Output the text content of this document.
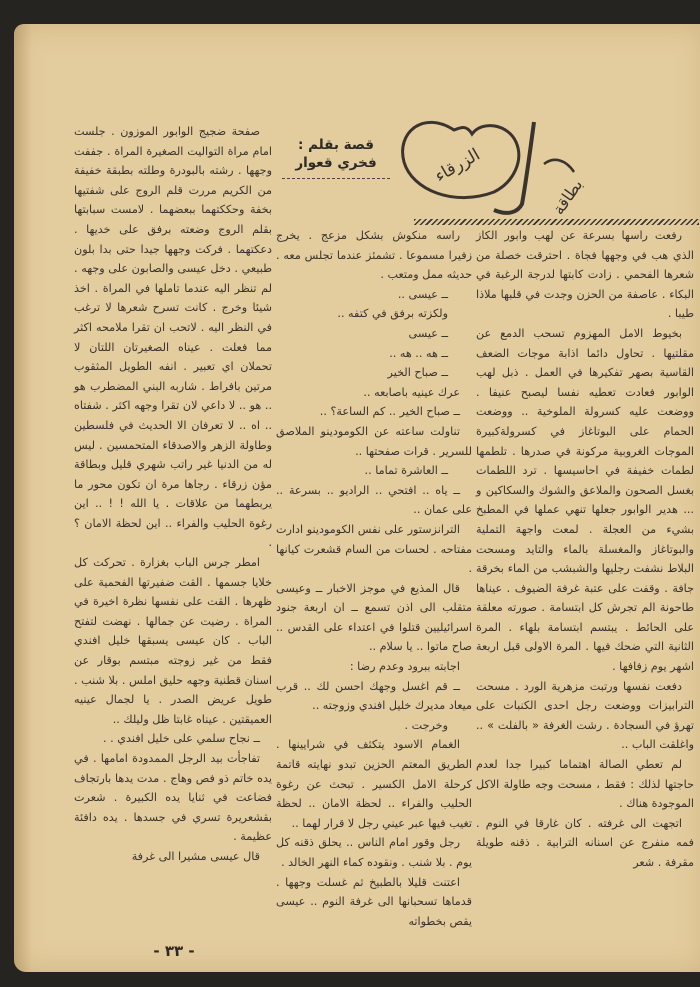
الزرقاء
بطاقة
قصة بقلم :
فخري قعوار

رفعت راسها بسرعة عن لهب وابور الكاز الذي هب في وجهها فجاة . احترقت خصلة من شعرها الفحمي . زادت كابتها لدرجة الرغبة في البكاء . عاصفة من الحزن وجدت في قلبها ملاذا طيبا .

بخيوط الامل المهزوم تسحب الدمع عن مقلتيها . تحاول دائما اذابة موجات الضعف القاسية بصهر تفكيرها في العمل . ذبل لهب الوابور فعادت تعطيه نفسا ليصبح عنيفا . ووضعت عليه كسرولة الملوخية .. ووضعت الحمام على البوتاغاز في كسرولةكبيرة الموجات الغروبية مركونة في صدرها . تلطمها لطمات خفيفة في احاسيسها . ترد اللطمات بغسل الصحون والملاعق والشوك والسكاكين و ... هدير الوابور جعلها تنهي عملها في المطبخ بشيء من العجلة . لمعت واجهة التملية والبوتاغاز والمغسلة بالماء والتايد ومسحت البلاط نشفت رجليها والشبشب من الماء بخرقة جافة . وقفت على عتبة غرفة الضيوف . عيناها طاحونة الم تجرش كل ابتسامة . صورته معلقة على الحائط . يبتسم ابتسامة بلهاء . المرة الثانية التي ضحك فيها . المرة الاولى قبل اربعة اشهر يوم زفافها .

دفعت نفسها ورتبت مزهرية الورد . مسحت الترابيزات ووضعت رجل احدى الكنبات على تهرؤ في السجادة . رشت الغرفة « بالفلت » .. واغلقت الباب ..

لم تعطي الصالة اهتماما كبيرا جدا لعدم حاجتها لذلك : فقط ، مسحت وجه طاولة الاكل الموجودة هناك .

اتجهت الى غرفته . كان غارقا في النوم . فمه منفرج عن اسنانه الترابية . ذقنه طويلة مقرفة . شعر

راسه منكوش بشكل مزعج . يخرج زفيرا مسموعا . تشمئز عندما تجلس معه . حديثه ممل ومتعب .

ــ عيسى ..

ولكزته برفق في كتفه ..

ــ عيسى

ــ هه .. هه ..

ــ صباح الخير

عرك عينيه باصابعه ..

ــ صباح الخير .. كم الساعة؟ ..

تناولت ساعته عن الكومودينو الملاصق للسرير . قرات صفحتها ..

ــ العاشرة تماما ..

ــ ياه .. افتحي .. الراديو .. بسرعة .. على عمان ..

الترانزستور على نفس الكومودينو ادارت مفتاحه . لحسات من السام قشعرت كيانها .

قال المذيع في موجز الاخبار ــ وعيسى متقلب الى اذن تسمع ــ ان اربعة جنود اسرائيليين قتلوا في اعتداء على القدس .. صاح ماتوا .. يا سلام ..

اجابته ببرود وعدم رضا :

ــ قم اغسل وجهك احسن لك .. قرب ميعاد مديرك خليل افندي وزوجته ..

وخرجت .

الغمام الاسود يتكثف في شرايينها . الطريق المعتم الحزين تبدو نهايته قاتمة كرحلة الامل الكسير . تبحث عن رغوة الحليب والفراء .. لحظة الامان .. لحظة تغيب فيها عبر عيني رجل لا قرار لهما ..

رجل وقور امام الناس .. يحلق ذقنه كل يوم . بلا شنب . ونقوده كماء النهر الخالد .

اعتنت قليلا بالطبيخ ثم غسلت وجهها . قدماها تسحبانها الى غرفة النوم .. عيسى يقص بخطواته

صفحة ضجيج الوابور الموزون . جلست امام مراة التواليت الصغيرة المراة . جففت وجهها . رشته بالبودرة وطلته بطبقة خفيفة من الكريم مررت قلم الروج على شفتيها بخفة وحككتهما ببعضهما . لامست سبابتها بقلم الروج وضعته برفق على خديها . دعكتهما . فركت وجهها جيدا حتى بدا بلون طبيعي . دخل عيسى والصابون على وجهه . لم تنظر اليه عندما تاملها في المراة . اخذ شيئا وخرج . كانت تسرح شعرها لا ترغب في النظر اليه . لاتحب ان تقرا ملامحه اكثر مما فعلت . عيناه الصغيرتان اللتان لا تحملان اي تعبير . انفه الطويل المثقوب مرتين بافراط . شاربه البني المضطرب هو .. هو .. لا داعي لان تقرا وجهه اكثر . شفتاه .. اه .. لا تعرفان الا الحديث في فلسطين وطاولة الزهر والاصدقاء المتحمسين . ليس له من الدنيا غير راتب شهري قليل وبطاقة مؤن زرقاء . رجاها مرة ان تكون محور ما يربطهما من علاقات . يا الله ! ! .. اين رغوة الحليب والفراء .. اين لحظة الامان ؟ .

امطر جرس الباب بغزارة . تحركت كل خلايا جسمها . القت ضفيرتها الفحمية على ظهرها . القت على نفسها نظرة اخيرة في المراة . رضيت عن جمالها . نهضت لتفتح الباب . كان عيسى يسبقها خليل افندي فقط من غير زوجته مبتسم بوقار عن اسنان قطنية وجهه حليق املس . بلا شنب . طويل عريض الصدر . يا لجمال عينيه العميقتين . عيناه غابتا ظل وليلك ..

ــ نجاح سلمي على خليل افندي . .

تفاجأت بيد الرجل الممدودة امامها . في يده خاتم ذو فص وهاج . مدت يدها بارتجاف فضاعت في ثنايا يده الكبيرة . شعرت بقشعريرة تسري في جسدها . يده دافئة عظيمة .

قال عيسى مشيرا الى غرفة

- ٣٣ -
